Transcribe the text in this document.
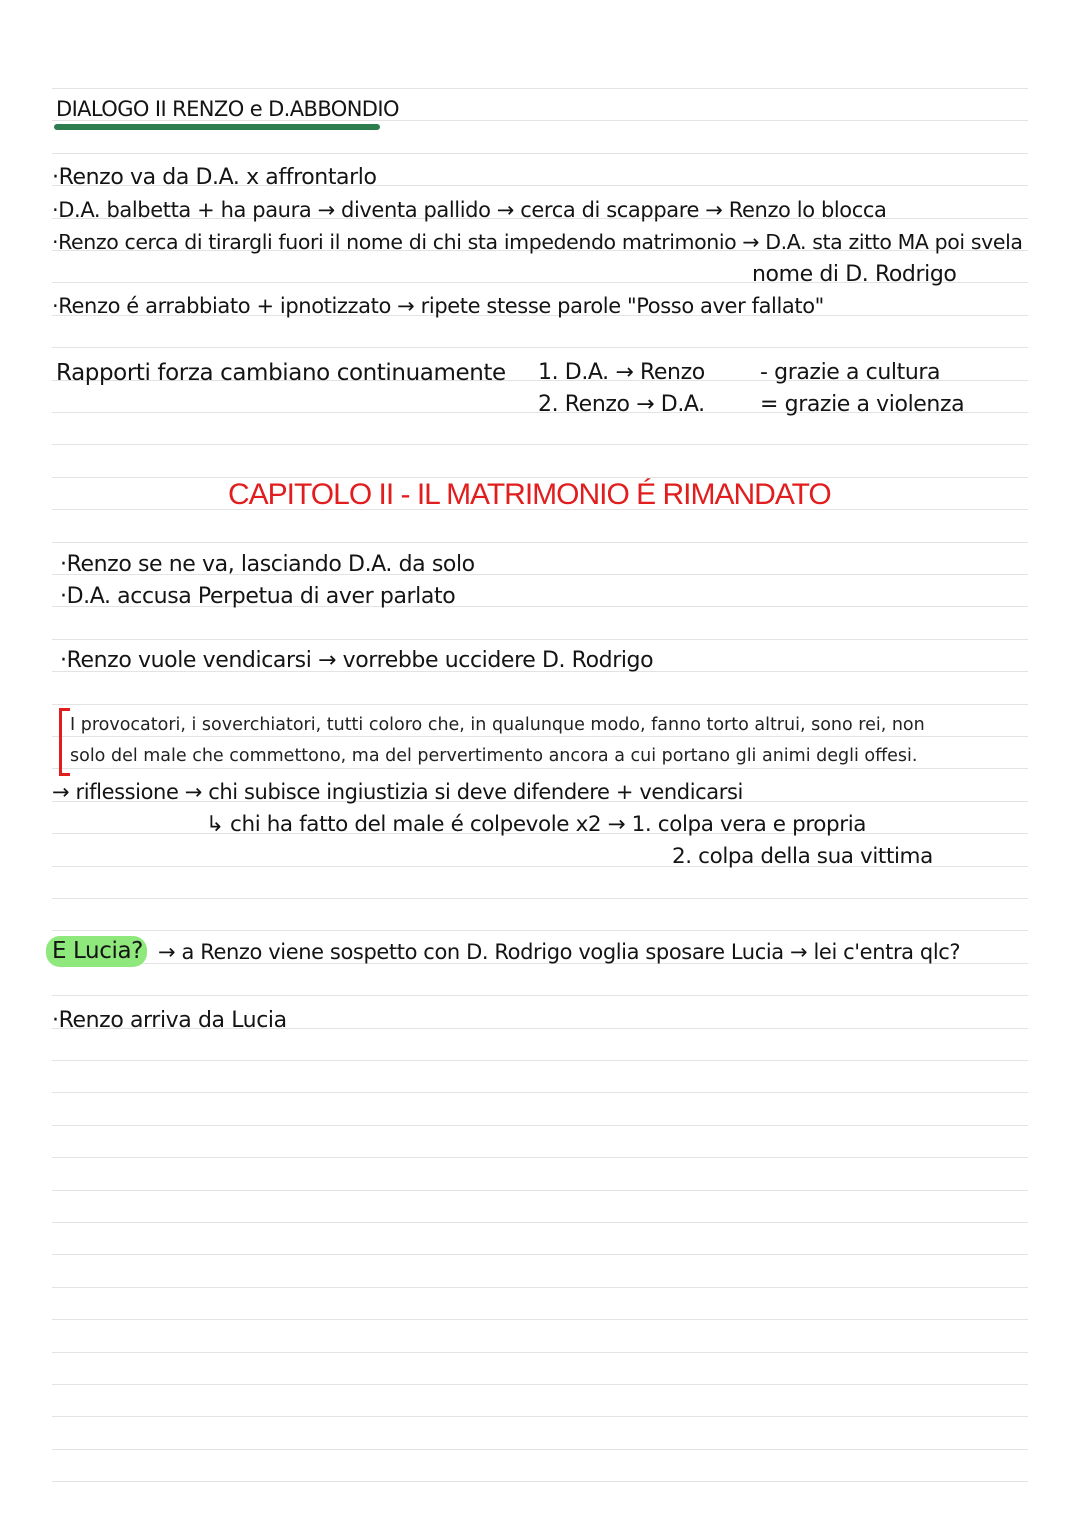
DIALOGO II RENZO e D.ABBONDIO
·Renzo va da D.A. x affrontarlo
·D.A. balbetta + ha paura → diventa pallido → cerca di scappare → Renzo lo blocca
·Renzo cerca di tirargli fuori il nome di chi sta impedendo matrimonio → D.A. sta zitto MA poi svela
nome di D. Rodrigo
·Renzo é arrabbiato + ipnotizzato → ripete stesse parole "Posso aver fallato"
Rapporti forza cambiano continuamente 1. D.A. → Renzo
2. Renzo → D.A.
- grazie a cultura
= grazie a violenza
CAPITOLO II - IL MATRIMONIO É RIMANDATO
·Renzo se ne va, lasciando D.A. da solo
·D.A. accusa Perpetua di aver parlato
·Renzo vuole vendicarsi → vorrebbe uccidere D. Rodrigo
I provocatori, i soverchiatori, tutti coloro che, in qualunque modo, fanno torto altrui, sono rei, non
solo del male che commettono, ma del pervertimento ancora a cui portano gli animi degli offesi.
→ riflessione → chi subisce ingiustizia si deve difendere + vendicarsi
↳ chi ha fatto del male é colpevole x2 → 1. colpa vera e propria
2. colpa della sua vittima
E Lucia? → a Renzo viene sospetto con D. Rodrigo voglia sposare Lucia → lei c'entra qlc?
·Renzo arriva da Lucia
